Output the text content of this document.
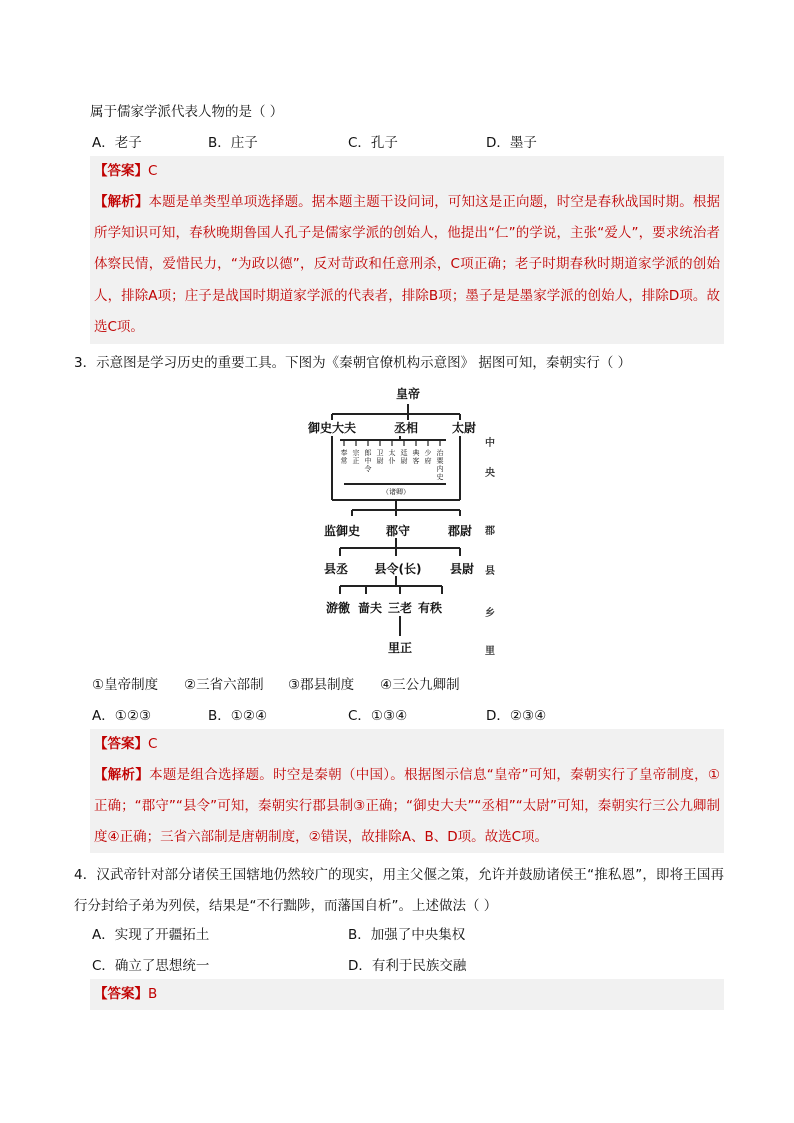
属于儒家学派代表人物的是（ ）
A．老子	B．庄子	C．孔子	D．墨子
【答案】C
【解析】本题是单类型单项选择题。据本题主题干设问词，可知这是正向题，时空是春秋战国时期。根据所学知识可知，春秋晚期鲁国人孔子是儒家学派的创始人，他提出“仁”的学说，主张“爱人”，要求统治者体察民情，爱惜民力，“为政以德”，反对苛政和任意刑杀，C项正确；老子时期春秋时期道家学派的创始人，排除A项；庄子是战国时期道家学派的代表者，排除B项；墨子是是墨家学派的创始人，排除D项。故选C项。
3．示意图是学习历史的重要工具。下图为《秦朝官僚机构示意图》 据图可知，秦朝实行（ ）
皇帝
御史大夫	丞相	太尉
监御史 郡守	郡尉
县丞 县令(长) 县尉
游徼 啬夫 三老 有秩
里正
奉常
宗正
郎中令
卫尉
太仆
廷尉
典客
少府
治粟内史
（诸卿）
中
央
郡
县
乡
里
①皇帝制度 ②三省六部制 ③郡县制度 ④三公九卿制
A．①②③	B．①②④	C．①③④	D．②③④
【答案】C
【解析】本题是组合选择题。时空是秦朝（中国）。根据图示信息“皇帝”可知，秦朝实行了皇帝制度，①正确；“郡守”“县令”可知，秦朝实行郡县制③正确；“御史大夫”“丞相”“太尉”可知，秦朝实行三公九卿制度④正确；三省六部制是唐朝制度，②错误，故排除A、B、D项。故选C项。
4．汉武帝针对部分诸侯王国辖地仍然较广的现实，用主父偃之策，允许并鼓励诸侯王“推私恩”，即将王国再行分封给子弟为列侯，结果是“不行黜陟，而藩国自析”。上述做法（ ）
A．实现了开疆拓土	B．加强了中央集权
C．确立了思想统一	D．有利于民族交融
【答案】B
